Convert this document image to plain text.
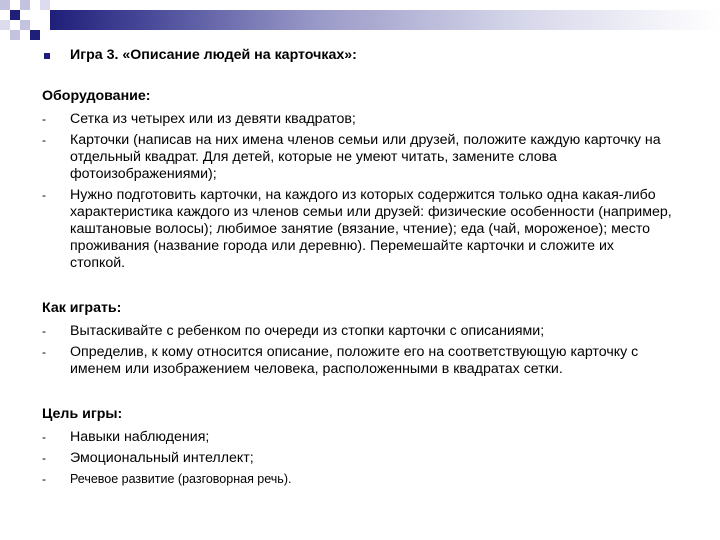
Игра 3. «Описание людей на карточках»:
Оборудование:
-	Сетка из четырех или из девяти квадратов;
-	Карточки (написав на них имена членов семьи или друзей, положите каждую карточку на отдельный квадрат. Для детей, которые не умеют читать, замените слова фотоизображениями);
-	Нужно подготовить карточки, на каждого из которых содержится только одна какая-либо характеристика каждого из членов семьи или друзей: физические особенности (например, каштановые волосы); любимое занятие (вязание, чтение); еда (чай, мороженое); место проживания (название города или деревню). Перемешайте карточки и сложите их стопкой.
Как играть:
-	Вытаскивайте с ребенком по очереди из стопки карточки с описаниями;
-	Определив, к кому относится описание, положите его на соответствующую карточку с именем или изображением человека, расположенными в квадратах сетки.
Цель игры:
-	Навыки наблюдения;
-	Эмоциональный интеллект;
-	Речевое развитие (разговорная речь).
